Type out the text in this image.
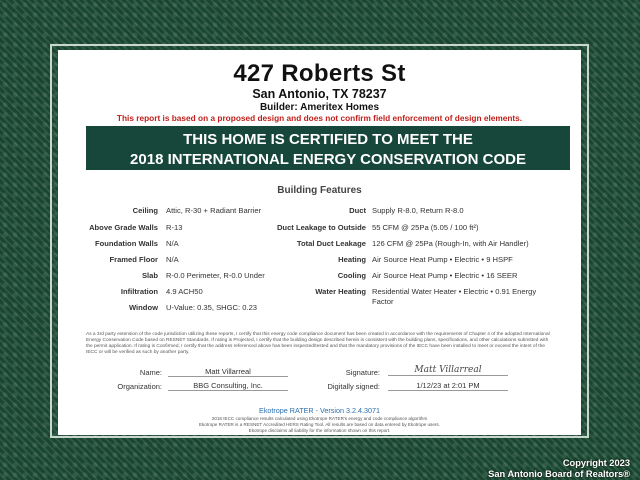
427 Roberts St
San Antonio, TX 78237
Builder: Ameritex Homes
This report is based on a proposed design and does not confirm field enforcement of design elements.
THIS HOME IS CERTIFIED TO MEET THE
2018 INTERNATIONAL ENERGY CONSERVATION CODE
Building Features
Ceiling Attic, R-30 + Radiant Barrier
Above Grade Walls R-13
Foundation Walls N/A
Framed Floor N/A
Slab R-0.0 Perimeter, R-0.0 Under
Infiltration 4.9 ACH50
Window U-Value: 0.35, SHGC: 0.23
Duct Supply R-8.0, Return R-8.0
Duct Leakage to Outside 55 CFM @ 25Pa (5.05 / 100 ft²)
Total Duct Leakage 126 CFM @ 25Pa (Rough-In, with Air Handler)
Heating Air Source Heat Pump • Electric • 9 HSPF
Cooling Air Source Heat Pump • Electric • 16 SEER
Water Heating Residential Water Heater • Electric • 0.91 Energy Factor
As a 3rd party extension of the code jurisdiction utilizing these reports, I certify that this energy code compliance document has been created in accordance with the requirements of Chapter 4 of the adopted International Energy Conservation Code based on RESNET Standards. If rating is Projected, I certify that the building design described herein is consistent with the building plans, specifications, and other calculations submitted with the permit application. If rating is Confirmed, I certify that the address referenced above has been inspected/tested and that the mandatory provisions of the IECC have been installed to meet or exceed the intent of the IECC or will be verified as such by another party.
Name:	Matt Villarreal	Signature:	Matt Villarreal
Organization:	BBG Consulting, Inc.	Digitally signed:	1/12/23 at 2:01 PM
Ekotrope RATER - Version 3.2.4.3071
2018 IECC compliance results calculated using Ekotrope RATER's energy and code compliance algorithm
Ekotrope RATER is a RESNET Accredited HERS Rating Tool. All results are based on data entered by Ekotrope users.
Ekotrope disclaims all liability for the information shown on this report.
Copyright 2023
San Antonio Board of Realtors®
